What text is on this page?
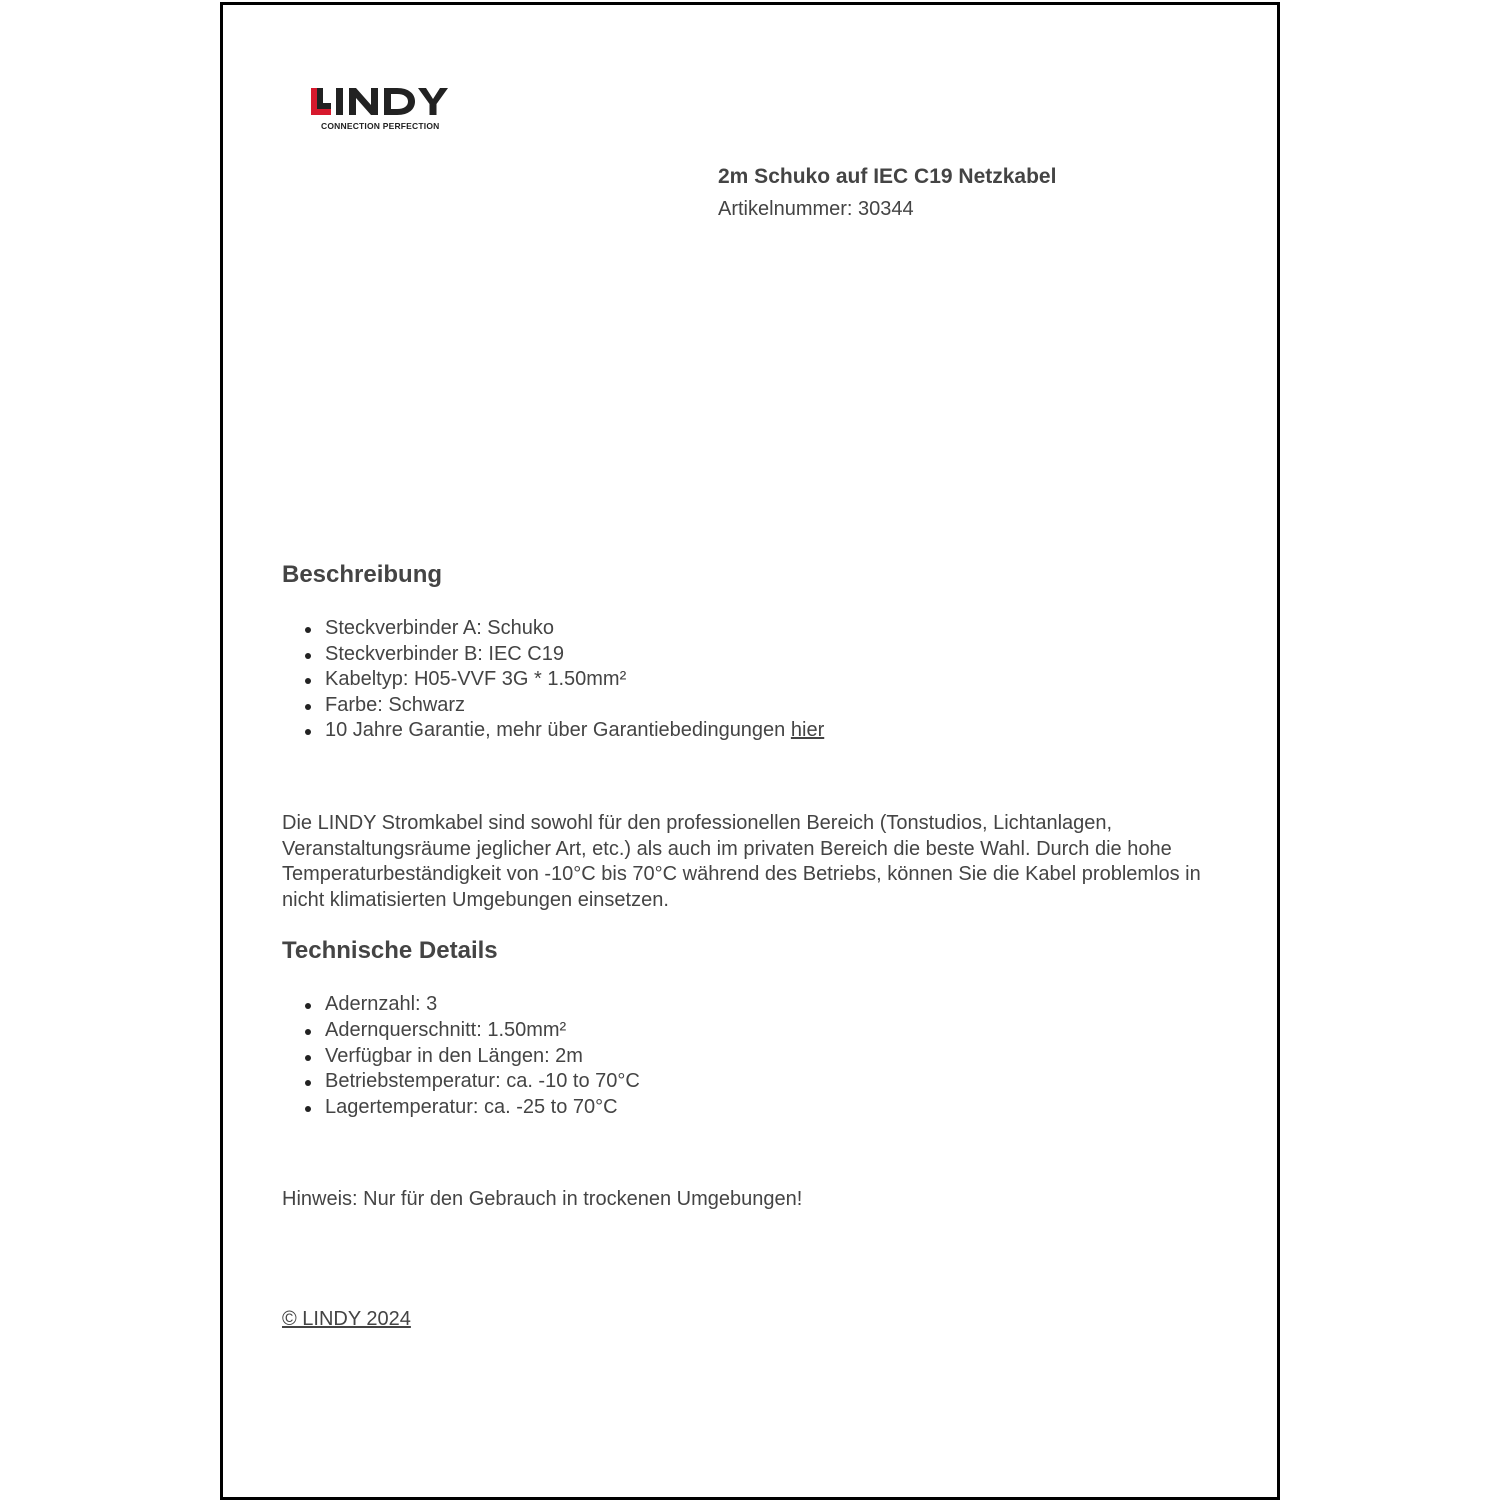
CONNECTION PERFECTION

2m Schuko auf IEC C19 Netzkabel

Artikelnummer: 30344

Beschreibung
Steckverbinder A: Schuko
Steckverbinder B: IEC C19
Kabeltyp: H05-VVF 3G * 1.50mm²
Farbe: Schwarz
10 Jahre Garantie, mehr über Garantiebedingungen hier

Die LINDY Stromkabel sind sowohl für den professionellen Bereich (Tonstudios, Lichtanlagen, Veranstaltungsräume jeglicher Art, etc.) als auch im privaten Bereich die beste Wahl. Durch die hohe Temperaturbeständigkeit von -10°C bis 70°C während des Betriebs, können Sie die Kabel problemlos in nicht klimatisierten Umgebungen einsetzen.

Technische Details
Adernzahl: 3
Adernquerschnitt: 1.50mm²
Verfügbar in den Längen: 2m
Betriebstemperatur: ca. -10 to 70°C
Lagertemperatur: ca. -25 to 70°C

Hinweis: Nur für den Gebrauch in trockenen Umgebungen!

© LINDY 2024
